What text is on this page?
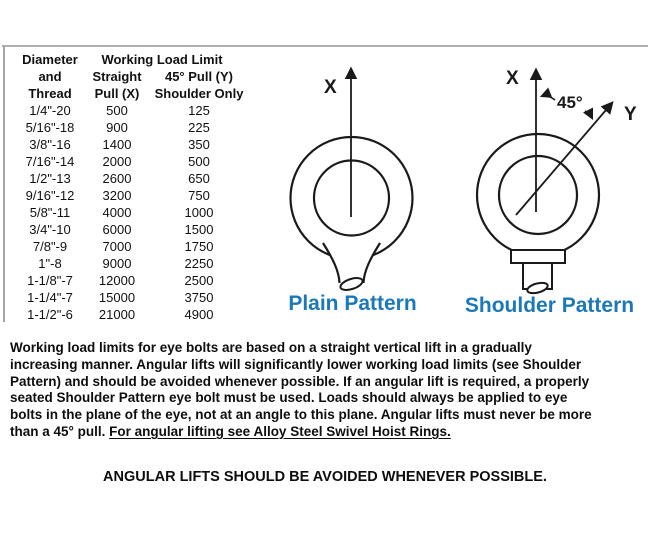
Diameter	Working Load Limit
and	Straight	45° Pull (Y)
Thread	Pull (X)	Shoulder Only
1/4"-20	500	125
5/16"-18	900	225
3/8"-16	1400	350
7/16"-14	2000	500
1/2"-13	2600	650
9/16"-12	3200	750
5/8"-11	4000	1000
3/4"-10	6000	1500
7/8"-9	7000	1750
1"-8	9000	2250
1-1/8"-7	12000	2500
1-1/4"-7	15000	3750
1-1/2"-6	21000	4900
X
Plain Pattern
45°
X
Y
Shoulder Pattern
Working load limits for eye bolts are based on a straight vertical lift in a gradually
increasing manner. Angular lifts will significantly lower working load limits (see Shoulder
Pattern) and should be avoided whenever possible. If an angular lift is required, a properly
seated Shoulder Pattern eye bolt must be used. Loads should always be applied to eye
bolts in the plane of the eye, not at an angle to this plane. Angular lifts must never be more
than a 45° pull. For angular lifting see Alloy Steel Swivel Hoist Rings.
ANGULAR LIFTS SHOULD BE AVOIDED WHENEVER POSSIBLE.
